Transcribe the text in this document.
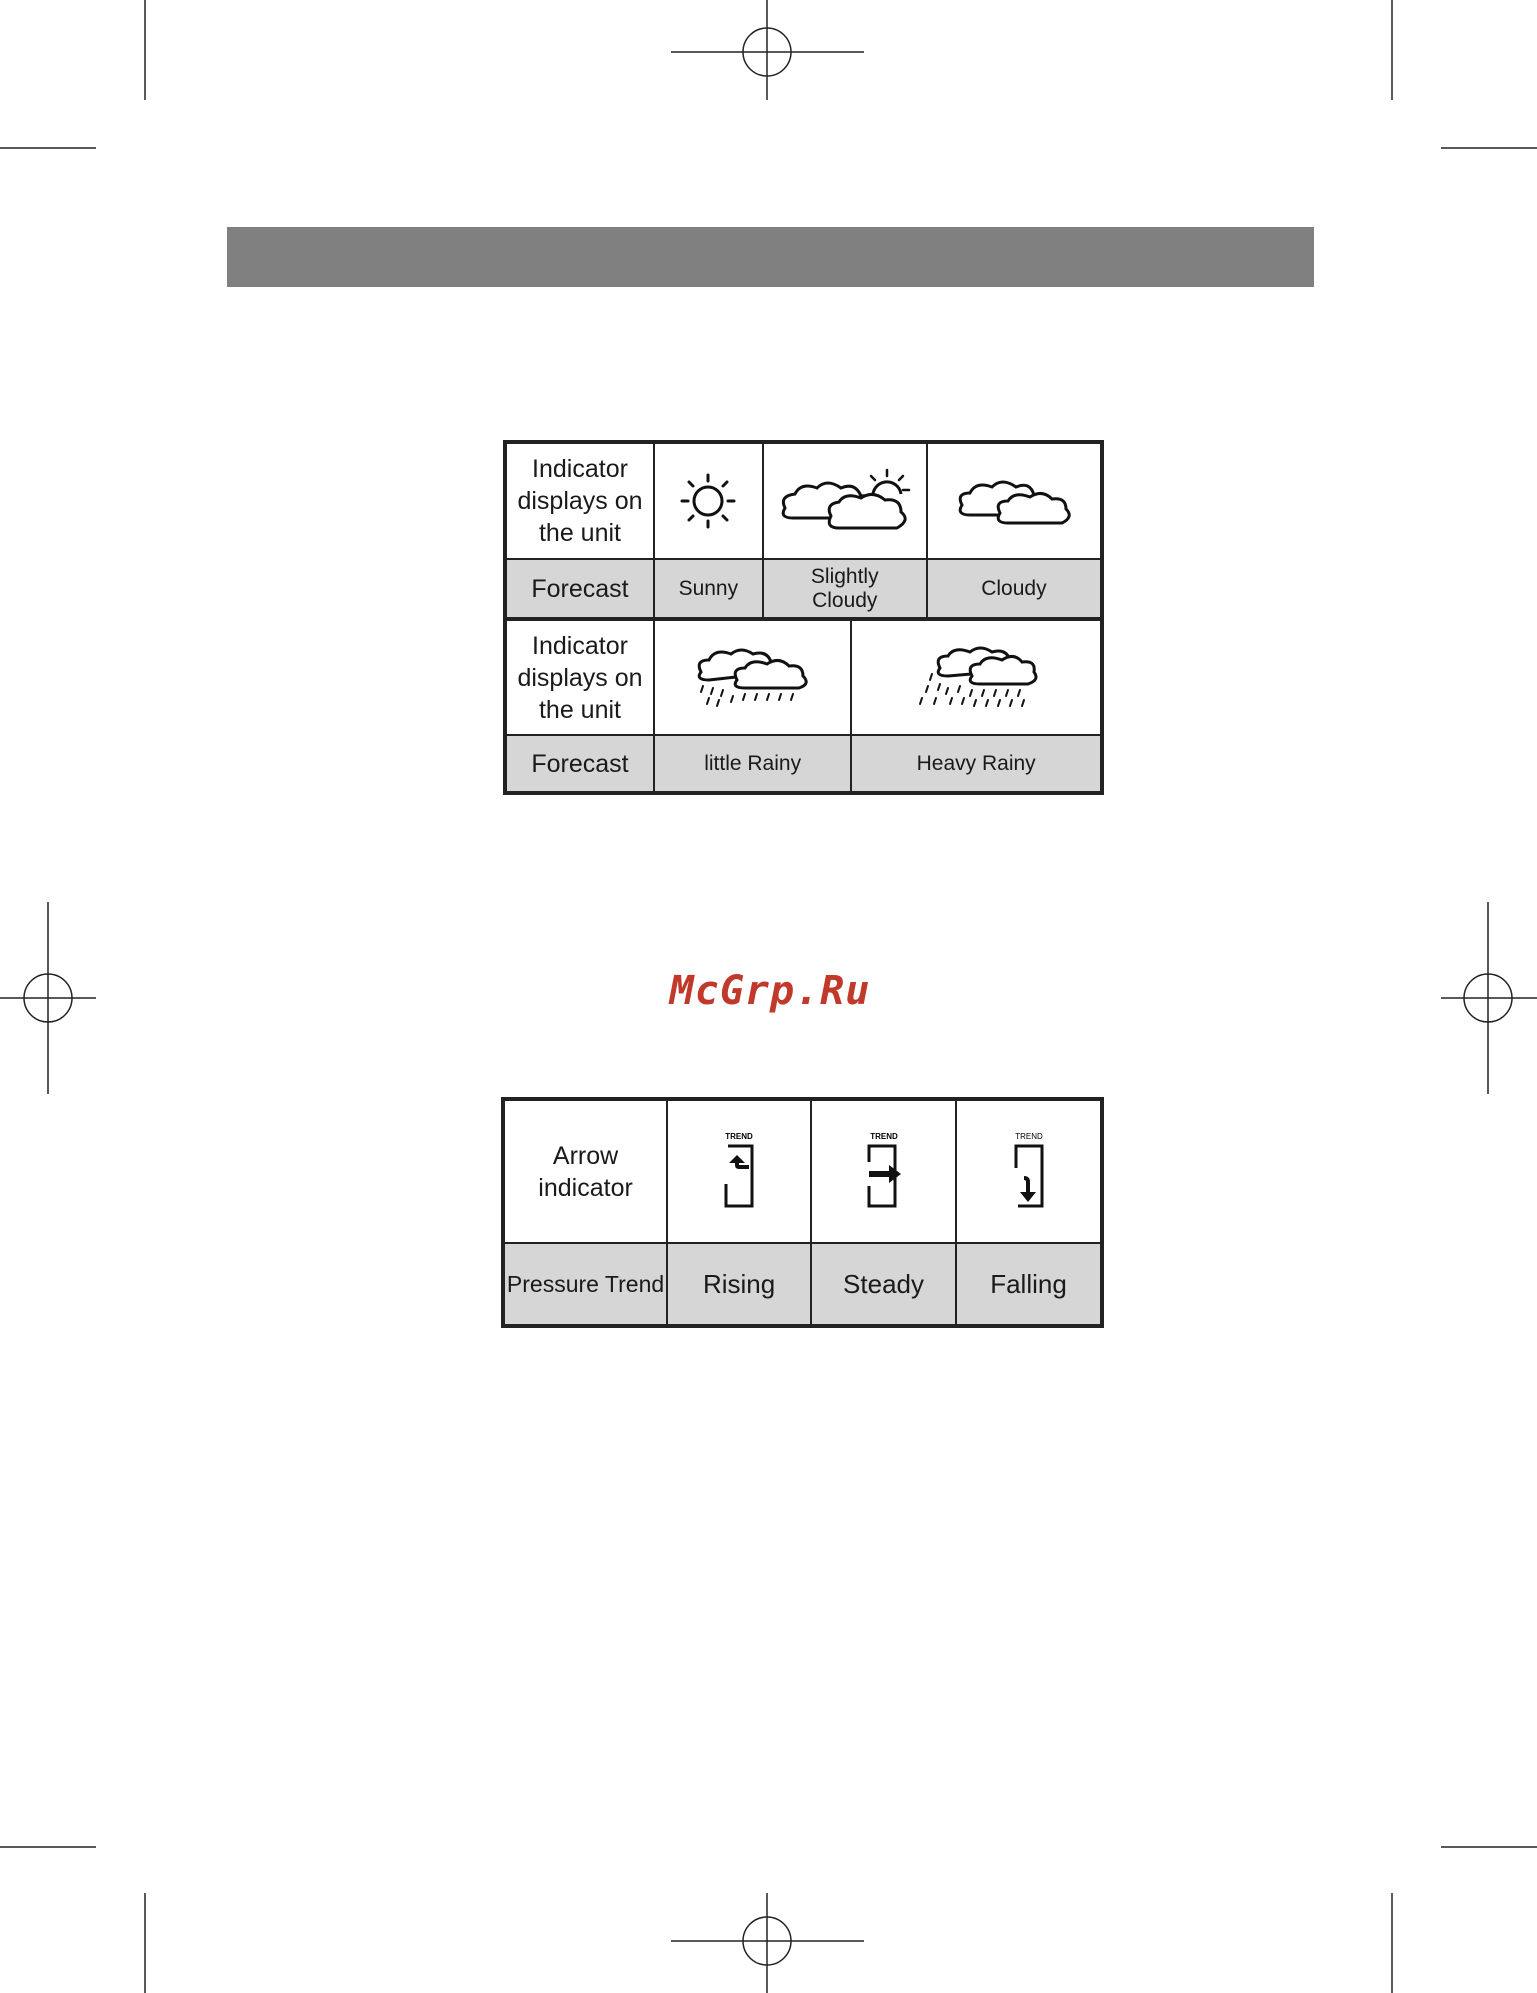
Indicator displays on the unit	

Forecast	Sunny	Slightly Cloudy	Cloudy
Indicator displays on the unit	

Forecast	little Rainy	Heavy Rainy
McGrp.Ru
Arrow indicator	TREND	TREND	TREND

Pressure Trend	Rising	Steady	Falling
